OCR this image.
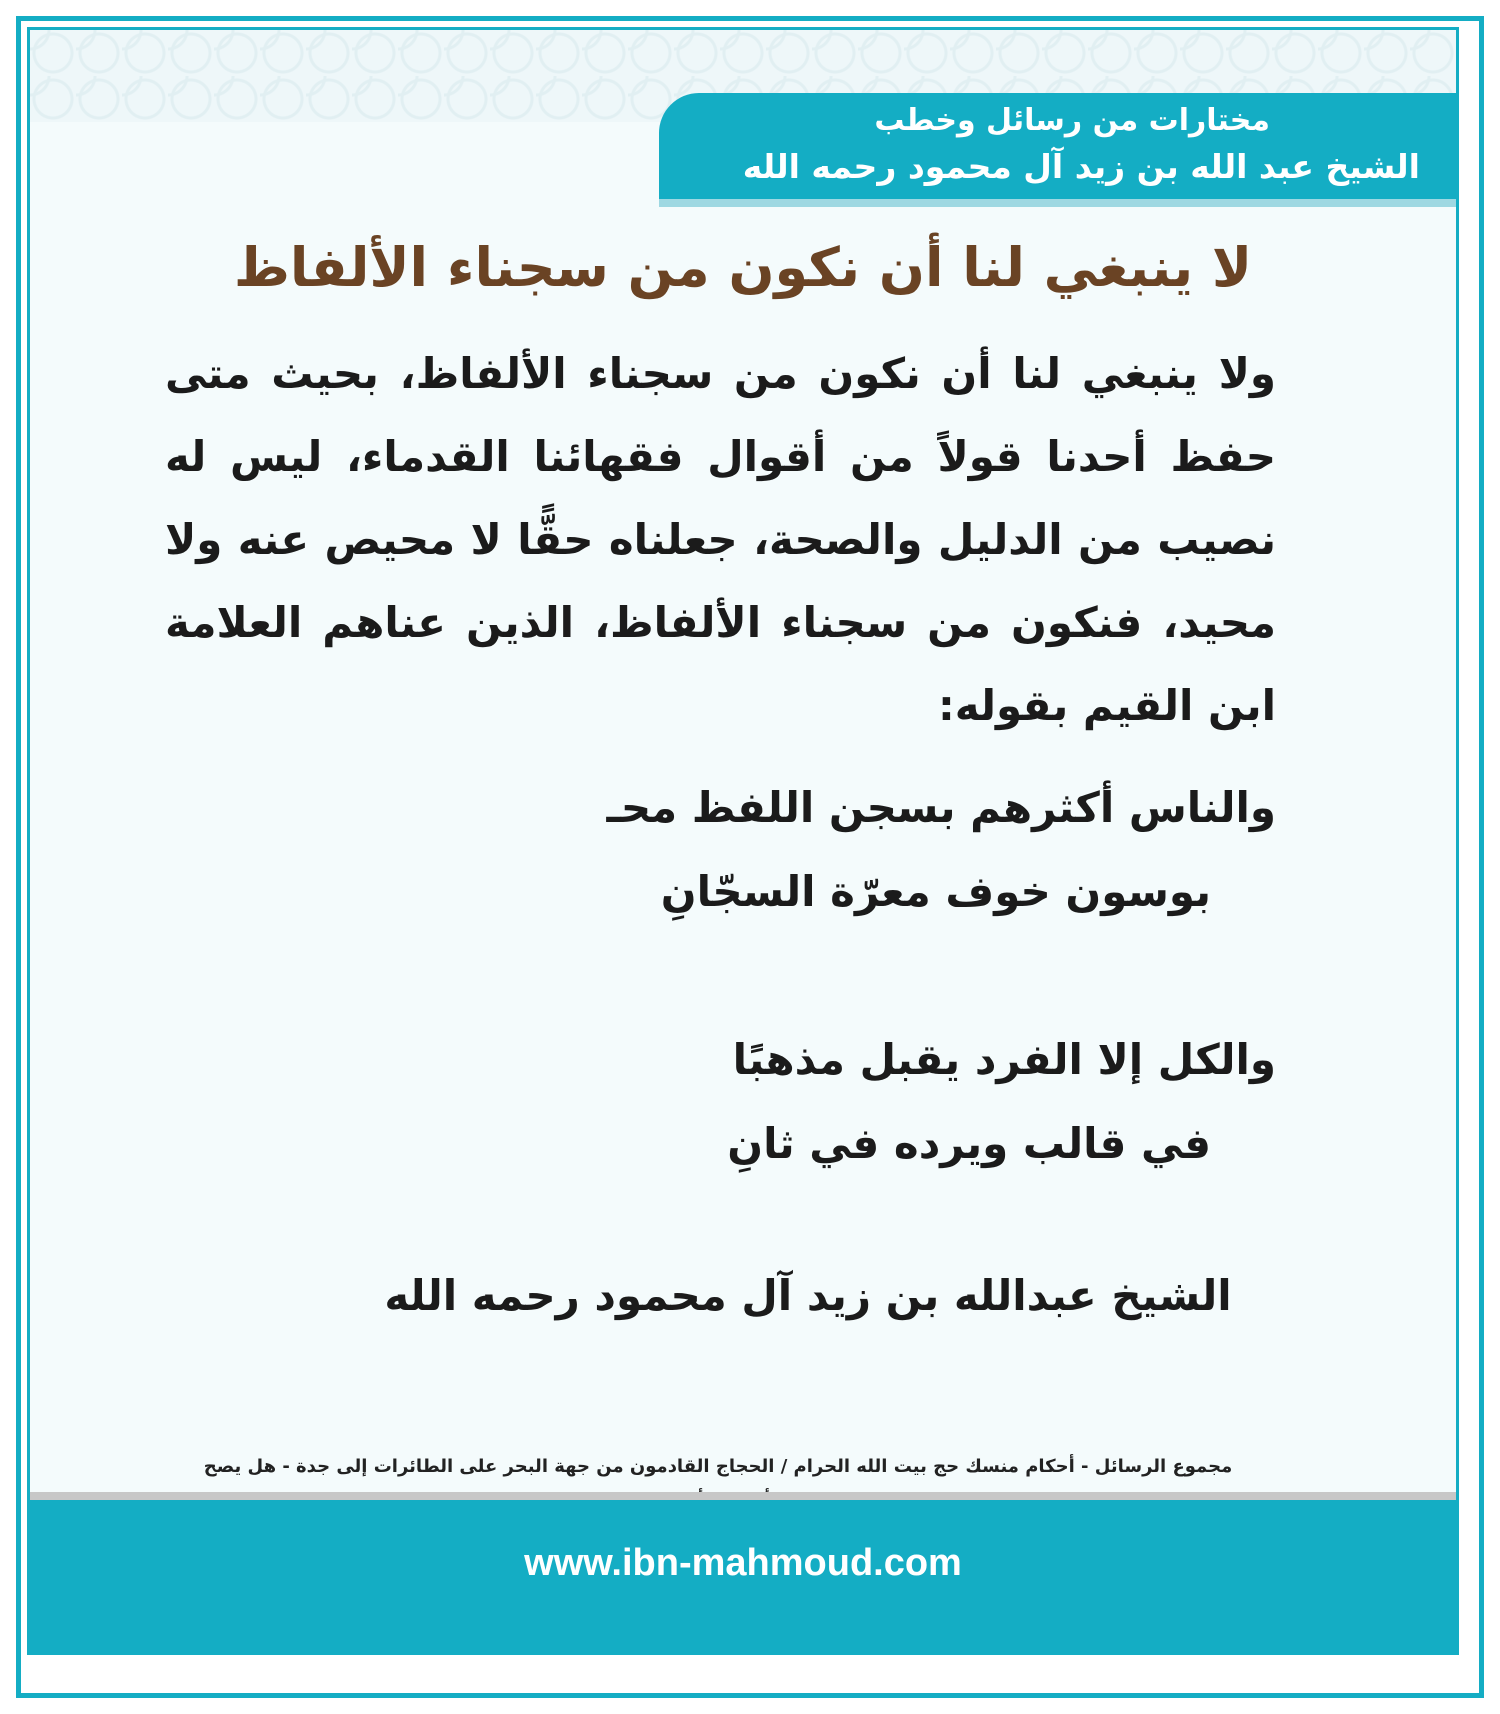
مختارات من رسائل وخطب
الشيخ عبد الله بن زيد آل محمود رحمه الله
لا ينبغي لنا أن نكون من سجناء الألفاظ
ولا ينبغي لنا أن نكون من سجناء الألفاظ، بحيث متى حفظ أحدنا قولاً من أقوال فقهائنا القدماء، ليس له نصيب من الدليل والصحة، جعلناه حقًّا لا محيص عنه ولا محيد، فنكون من سجناء الألفاظ، الذين عناهم العلامة ابن القيم بقوله:
والناس أكثرهم بسجن اللفظ محـ
بوسون خوف معرّة السجّانِ
والكل إلا الفرد يقبل مذهبًا
في قالب ويرده في ثانِ
الشيخ عبدالله بن زيد آل محمود رحمه الله
مجموع الرسائل - أحكام منسك حج بيت الله الحرام / الحجاج القادمون من جهة البحر على الطائرات إلى جدة - هل يصح
www.ibn-mahmoud.com
